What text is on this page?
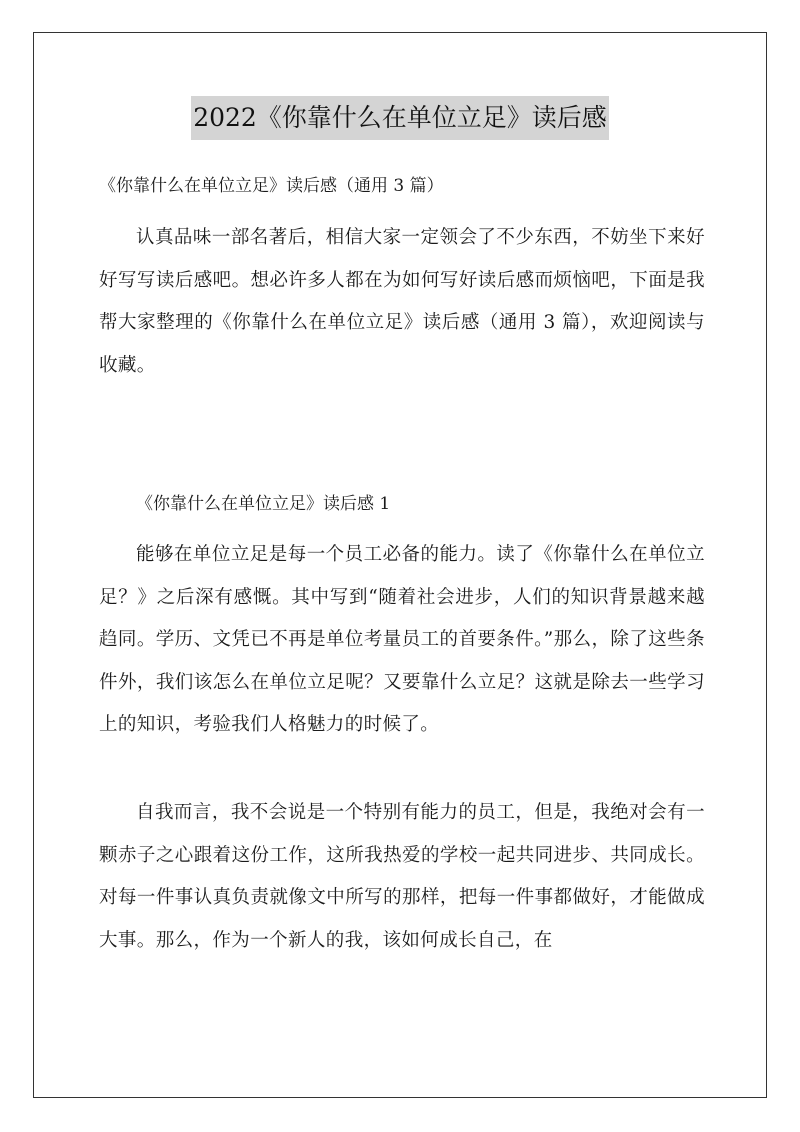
2022《你靠什么在单位立足》读后感
《你靠什么在单位立足》读后感（通用 3 篇）
认真品味一部名著后，相信大家一定领会了不少东西，不妨坐下来好好写写读后感吧。想必许多人都在为如何写好读后感而烦恼吧，下面是我帮大家整理的《你靠什么在单位立足》读后感（通用 3 篇），欢迎阅读与收藏。
《你靠什么在单位立足》读后感 1
能够在单位立足是每一个员工必备的能力。读了《你靠什么在单位立足？》之后深有感慨。其中写到“随着社会进步，人们的知识背景越来越趋同。学历、文凭已不再是单位考量员工的首要条件。”那么，除了这些条件外，我们该怎么在单位立足呢？又要靠什么立足？这就是除去一些学习上的知识，考验我们人格魅力的时候了。
自我而言，我不会说是一个特别有能力的员工，但是，我绝对会有一颗赤子之心跟着这份工作，这所我热爱的学校一起共同进步、共同成长。对每一件事认真负责就像文中所写的那样，把每一件事都做好，才能做成大事。那么，作为一个新人的我，该如何成长自己，在
